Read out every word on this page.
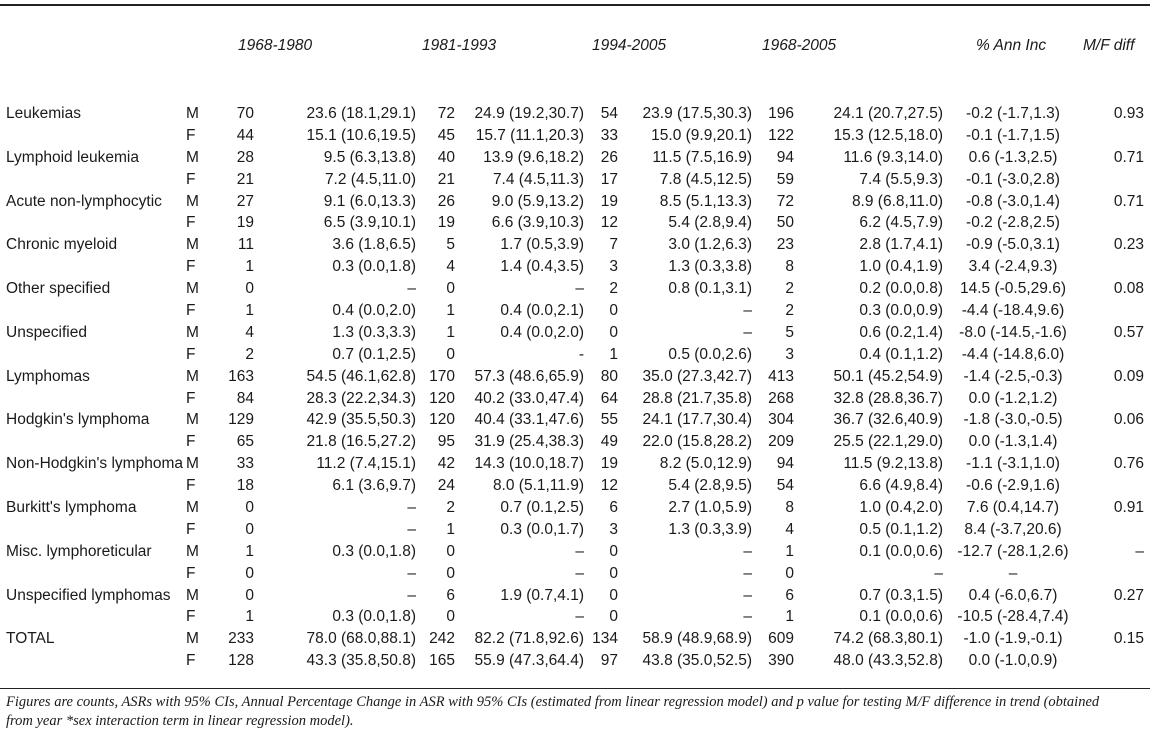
1968-1980	1981-1993	1994-2005	1968-2005	% Ann Inc M/F diff
Leukemias	M	70	23.6 (18.1,29.1)	72	24.9 (19.2,30.7)	54	23.9 (17.5,30.3)	196	24.1 (20.7,27.5)	-0.2 (-1.7,1.3)	0.93
F	44	15.1 (10.6,19.5)	45	15.7 (11.1,20.3)	33	15.0 (9.9,20.1)	122	15.3 (12.5,18.0)	-0.1 (-1.7,1.5)
Lymphoid leukemia	M	28	9.5 (6.3,13.8)	40	13.9 (9.6,18.2)	26	11.5 (7.5,16.9)	94	11.6 (9.3,14.0)	0.6 (-1.3,2.5)	0.71
F	21	7.2 (4.5,11.0)	21	7.4 (4.5,11.3)	17	7.8 (4.5,12.5)	59	7.4 (5.5,9.3)	-0.1 (-3.0,2.8)
Acute non-lymphocytic M	27	9.1 (6.0,13.3)	26	9.0 (5.9,13.2)	19	8.5 (5.1,13.3)	72	8.9 (6.8,11.0)	-0.8 (-3.0,1.4)	0.71
F	19	6.5 (3.9,10.1)	19	6.6 (3.9,10.3)	12	5.4 (2.8,9.4)	50	6.2 (4.5,7.9)	-0.2 (-2.8,2.5)
Chronic myeloid	M	11	3.6 (1.8,6.5)	5	1.7 (0.5,3.9)	7	3.0 (1.2,6.3)	23	2.8 (1.7,4.1)	-0.9 (-5.0,3.1)	0.23
F	1	0.3 (0.0,1.8)	4	1.4 (0.4,3.5)	3	1.3 (0.3,3.8)	8	1.0 (0.4,1.9)	3.4 (-2.4,9.3)
Other specified	M	0	–	0	–	2	0.8 (0.1,3.1)	2	0.2 (0.0,0.8)	14.5 (-0.5,29.6)	0.08
F	1	0.4 (0.0,2.0)	1	0.4 (0.0,2.1)	0	–	2	0.3 (0.0,0.9)	-4.4 (-18.4,9.6)
Unspecified	M	4	1.3 (0.3,3.3)	1	0.4 (0.0,2.0)	0	–	5	0.6 (0.2,1.4)	-8.0 (-14.5,-1.6)	0.57
F	2	0.7 (0.1,2.5)	0	-	1	0.5 (0.0,2.6)	3	0.4 (0.1,1.2)	-4.4 (-14.8,6.0)
Lymphomas	M	163	54.5 (46.1,62.8) 170	57.3 (48.6,65.9)	80	35.0 (27.3,42.7)	413	50.1 (45.2,54.9)	-1.4 (-2.5,-0.3)	0.09
F	84	28.3 (22.2,34.3) 120	40.2 (33.0,47.4)	64	28.8 (21.7,35.8)	268	32.8 (28.8,36.7)	0.0 (-1.2,1.2)
Hodgkin's lymphoma M	129	42.9 (35.5,50.3) 120	40.4 (33.1,47.6)	55	24.1 (17.7,30.4)	304	36.7 (32.6,40.9)	-1.8 (-3.0,-0.5)	0.06
F	65	21.8 (16.5,27.2)	95	31.9 (25.4,38.3)	49	22.0 (15.8,28.2)	209	25.5 (22.1,29.0)	0.0 (-1.3,1.4)
Non-Hodgkin's lymphoma M	33	11.2 (7.4,15.1)	42	14.3 (10.0,18.7)	19	8.2 (5.0,12.9)	94	11.5 (9.2,13.8)	-1.1 (-3.1,1.0)	0.76
F	18	6.1 (3.6,9.7)	24	8.0 (5.1,11.9)	12	5.4 (2.8,9.5)	54	6.6 (4.9,8.4)	-0.6 (-2.9,1.6)
Burkitt's lymphoma	M	0	–	2	0.7 (0.1,2.5)	6	2.7 (1.0,5.9)	8	1.0 (0.4,2.0)	7.6 (0.4,14.7)	0.91
F	0	–	1	0.3 (0.0,1.7)	3	1.3 (0.3,3.9)	4	0.5 (0.1,1.2)	8.4 (-3.7,20.6)
Misc. lymphoreticular M	1	0.3 (0.0,1.8)	0	–	0	–	1	0.1 (0.0,0.6) -12.7 (-28.1,2.6)	–
F	0	–	0	–	0	–	0	–	–
Unspecified lymphomas M	0	–	6	1.9 (0.7,4.1)	0	–	6	0.7 (0.3,1.5)	0.4 (-6.0,6.7)	0.27
F	1	0.3 (0.0,1.8)	0	–	0	–	1	0.1 (0.0,0.6) -10.5 (-28.4,7.4)
TOTAL	M	233	78.0 (68.0,88.1) 242	82.2 (71.8,92.6) 134	58.9 (48.9,68.9)	609	74.2 (68.3,80.1)	-1.0 (-1.9,-0.1)	0.15
F	128	43.3 (35.8,50.8) 165	55.9 (47.3,64.4)	97	43.8 (35.0,52.5)	390	48.0 (43.3,52.8)	0.0 (-1.0,0.9)
Figures are counts, ASRs with 95% CIs, Annual Percentage Change in ASR with 95% CIs (estimated from linear regression model) and p value for testing M/F difference in trend (obtained from year *sex interaction term in linear regression model).
